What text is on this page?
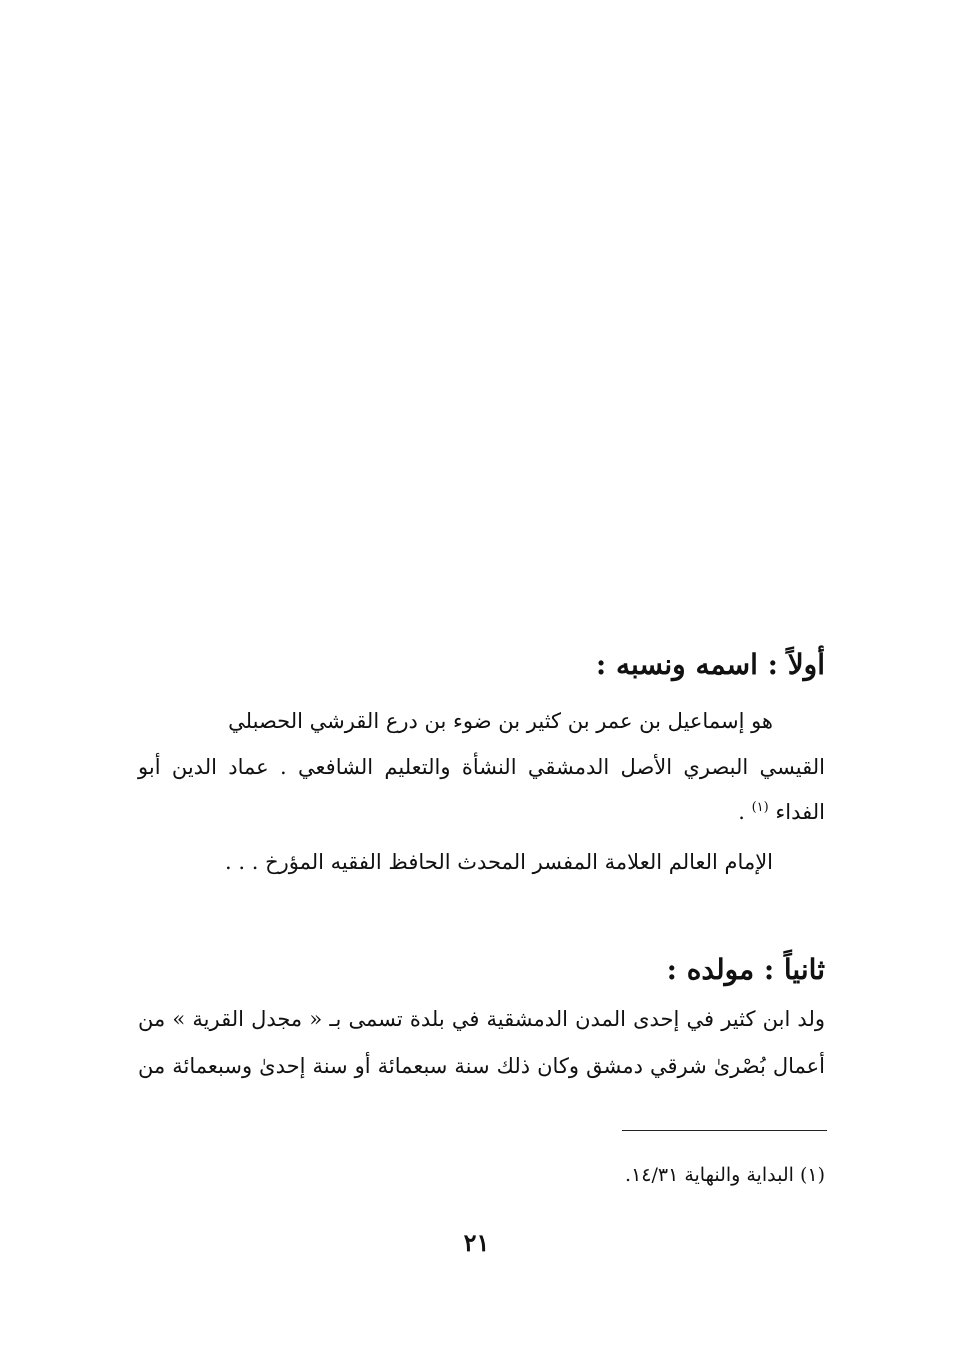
أولاً : اسمه ونسبه :
هو إسماعيل بن عمر بن كثير بن ضوء بن درع القرشي الحصبلي
القيسي البصري الأصل الدمشقي النشأة والتعليم الشافعي . عماد الدين أبو
الفداء $^{(١)}$ .
الإمام العالم العلامة المفسر المحدث الحافظ الفقيه المؤرخ . . .
ثانياً : مولده :
ولد ابن كثير في إحدى المدن الدمشقية في بلدة تسمى بـ « مجدل القرية » من
أعمال بُصْرىٰ شرقي دمشق وكان ذلك سنة سبعمائة أو سنة إحدىٰ وسبعمائة من
(١) البداية والنهاية ١٤/٣١.
٢١
